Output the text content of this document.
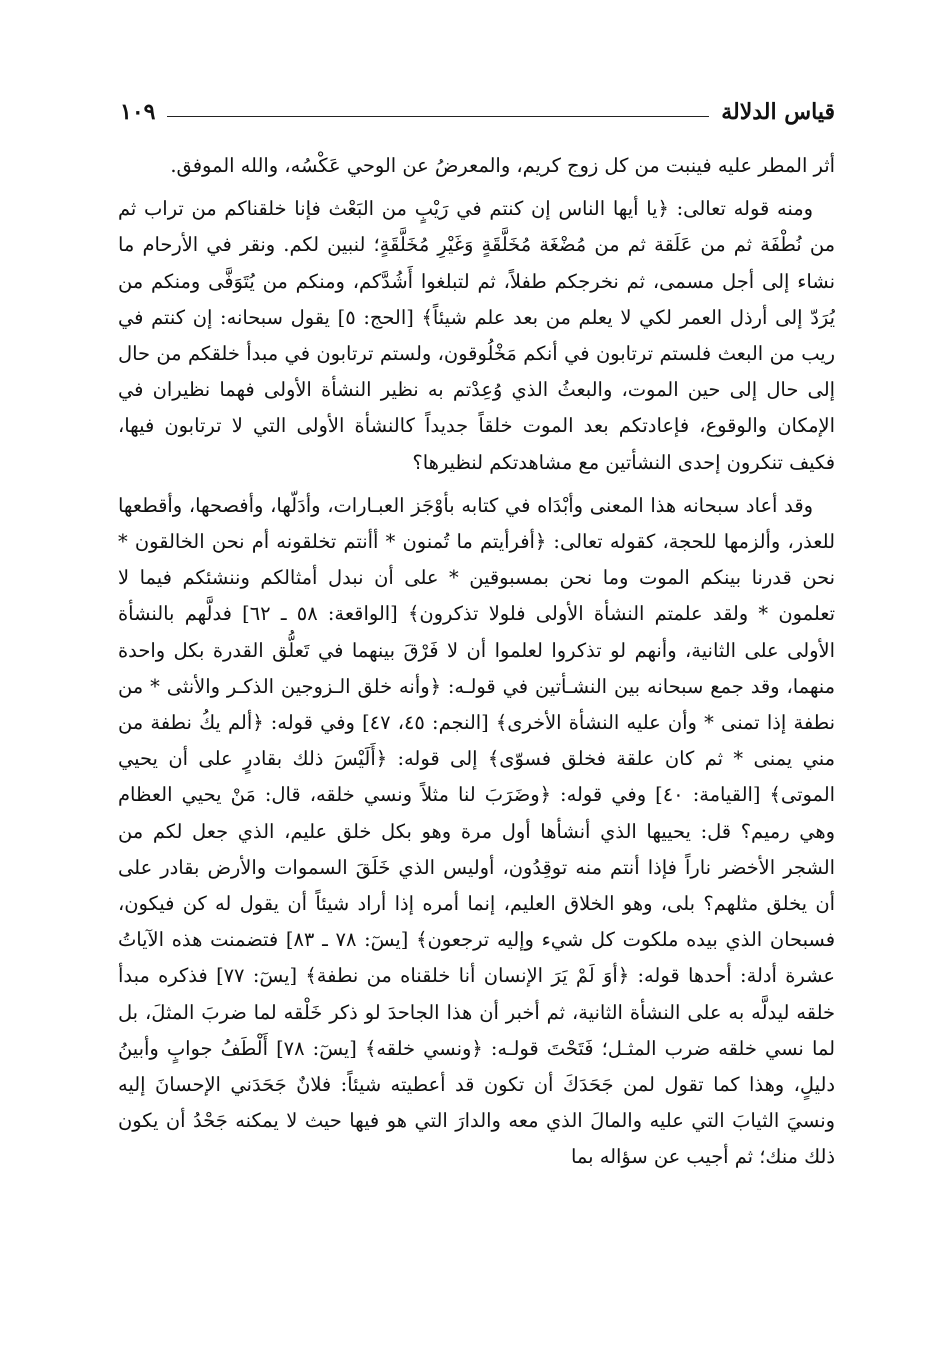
قياس الدلالة
١٠٩

أثر المطر عليه فينبت من كل زوج كريم، والمعرضُ عن الوحي عَكْسُه، والله الموفق.

ومنه قوله تعالى: ﴿يا أيها الناس إن كنتم في رَيْبٍ من البَعْث فإنا خلقناكم من تراب ثم من نُطْفَة ثم من عَلَقة ثم من مُضْغَة مُخَلَّقَةٍ وَغَيْرِ مُخَلَّقَةٍ؛ لنبين لكم. ونقر في الأرحام ما نشاء إلى أجل مسمى، ثم نخرجكم طفلاً، ثم لتبلغوا أَشُدَّكم، ومنكم من يُتَوَفَّى ومنكم من يُرَدّ إلى أرذل العمر لكي لا يعلم من بعد علم شيئاً﴾ [الحج: ٥] يقول سبحانه: إن كنتم في ريب من البعث فلستم ترتابون في أنكم مَخْلُوقون، ولستم ترتابون في مبدأ خلقكم من حال إلى حال إلى حين الموت، والبعثُ الذي وُعِدْتم به نظير النشأة الأولى فهما نظيران في الإمكان والوقوع، فإعادتكم بعد الموت خلقاً جديداً كالنشأة الأولى التي لا ترتابون فيها، فكيف تنكرون إحدى النشأتين مع مشاهدتكم لنظيرها؟

وقد أعاد سبحانه هذا المعنى وأبْدَاه في كتابه بأوْجَز العبـارات، وأدَلّها، وأفصحها، وأقطعها للعذر، وألزمها للحجة، كقوله تعالى: ﴿أفرأيتم ما تُمنون * أأنتم تخلقونه أم نحن الخالقون * نحن قدرنا بينكم الموت وما نحن بمسبوقين * على أن نبدل أمثالكم وننشئكم فيما لا تعلمون * ولقد علمتم النشأة الأولى فلولا تذكرون﴾ [الواقعة: ٥٨ ـ ٦٢] فدلَّهم بالنشأة الأولى على الثانية، وأنهم لو تذكروا لعلموا أن لا فَرْقَ بينهما في تَعلُّق القدرة بكل واحدة منهما، وقد جمع سبحانه بين النشـأتين في قولـه: ﴿وأنه خلق الـزوجين الذكـر والأنثى * من نطفة إذا تمنى * وأن عليه النشأة الأخرى﴾ [النجم: ٤٥، ٤٧] وفي قوله: ﴿ألم يكُ نطفة من مني يمنى * ثم كان علقة فخلق فسوّى﴾ إلى قوله: ﴿أَلَيْسَ ذلك بقادرٍ على أن يحيي الموتى﴾ [القيامة: ٤٠] وفي قوله: ﴿وضَرَبَ لنا مثلاً ونسي خلقه، قال: مَنْ يحيي العظام وهي رميم؟ قل: يحييها الذي أنشأها أول مرة وهو بكل خلق عليم، الذي جعل لكم من الشجر الأخضر ناراً فإذا أنتم منه توقِدُون، أوليس الذي خَلَقَ السموات والأرض بقادر على أن يخلق مثلهم؟ بلى، وهو الخلاق العليم، إنما أمره إذا أراد شيئاً أن يقول له كن فيكون، فسبحان الذي بيده ملكوت كل شيء وإليه ترجعون﴾ [يسٓ: ٧٨ ـ ٨٣] فتضمنت هذه الآياتُ عشرة أدلة: أحدها قوله: ﴿أوَ لَمْ يَرَ الإنسان أنا خلقناه من نطفة﴾ [يسٓ: ٧٧] فذكره مبدأ خلقه ليدلَّه به على النشأة الثانية، ثم أخبر أن هذا الجاحدَ لو ذكر خَلْقه لما ضربَ المثلَ، بل لما نسي خلقه ضرب المثـل؛ فَتَحْتَ قولـه: ﴿ونسي خلقه﴾ [يسٓ: ٧٨] أَلْطَفُ جوابٍ وأبينُ دليلٍ، وهذا كما تقول لمن جَحَدَكَ أن تكون قد أعطيته شيئاً: فلانٌ جَحَدَني الإحسانَ إليه ونسيَ الثيابَ التي عليه والمالَ الذي معه والدارَ التي هو فيها حيث لا يمكنه جَحْدُ أن يكون ذلك منك؛ ثم أجيب عن سؤاله بما
